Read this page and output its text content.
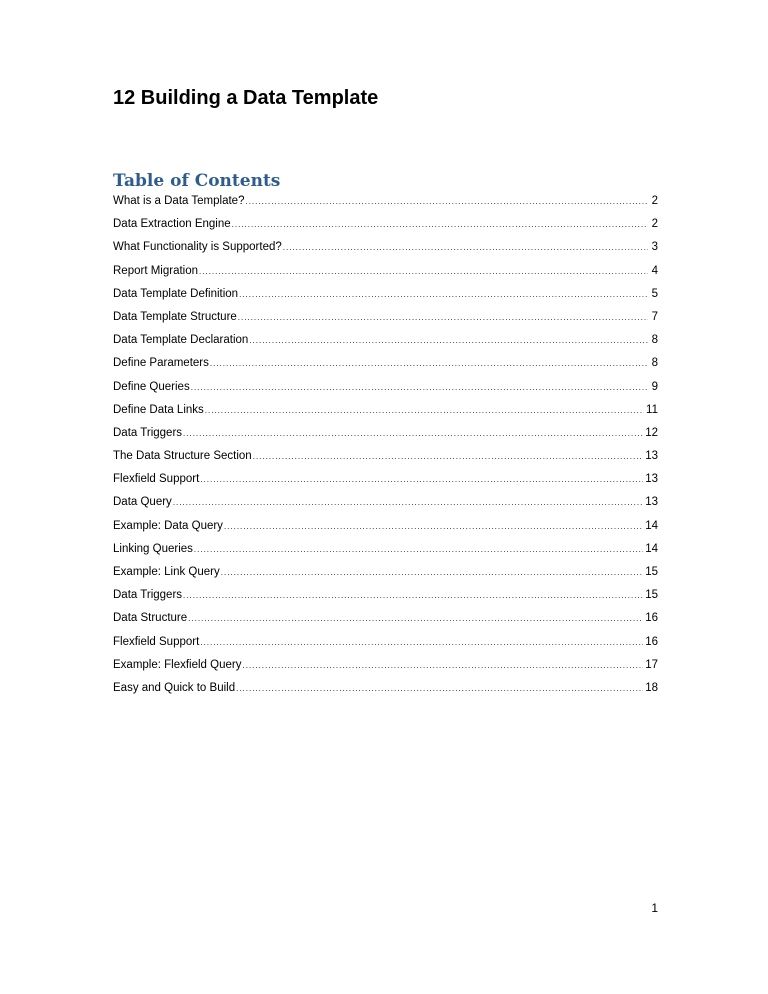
12 Building a Data Template
Table of Contents
What is a Data Template? .....	2
Data Extraction Engine .....	2
What Functionality is Supported? .....	3
Report Migration .....	4
Data Template Definition .....	5
Data Template Structure .....	7
Data Template Declaration .....	8
Define Parameters .....	8
Define Queries .....	9
Define Data Links .....	11
Data Triggers .....	12
The Data Structure Section .....	13
Flexfield Support .....	13
Data Query .....	13
Example: Data Query .....	14
Linking Queries .....	14
Example: Link Query .....	15
Data Triggers .....	15
Data Structure .....	16
Flexfield Support .....	16
Example: Flexfield Query .....	17
Easy and Quick to Build .....	18
1
